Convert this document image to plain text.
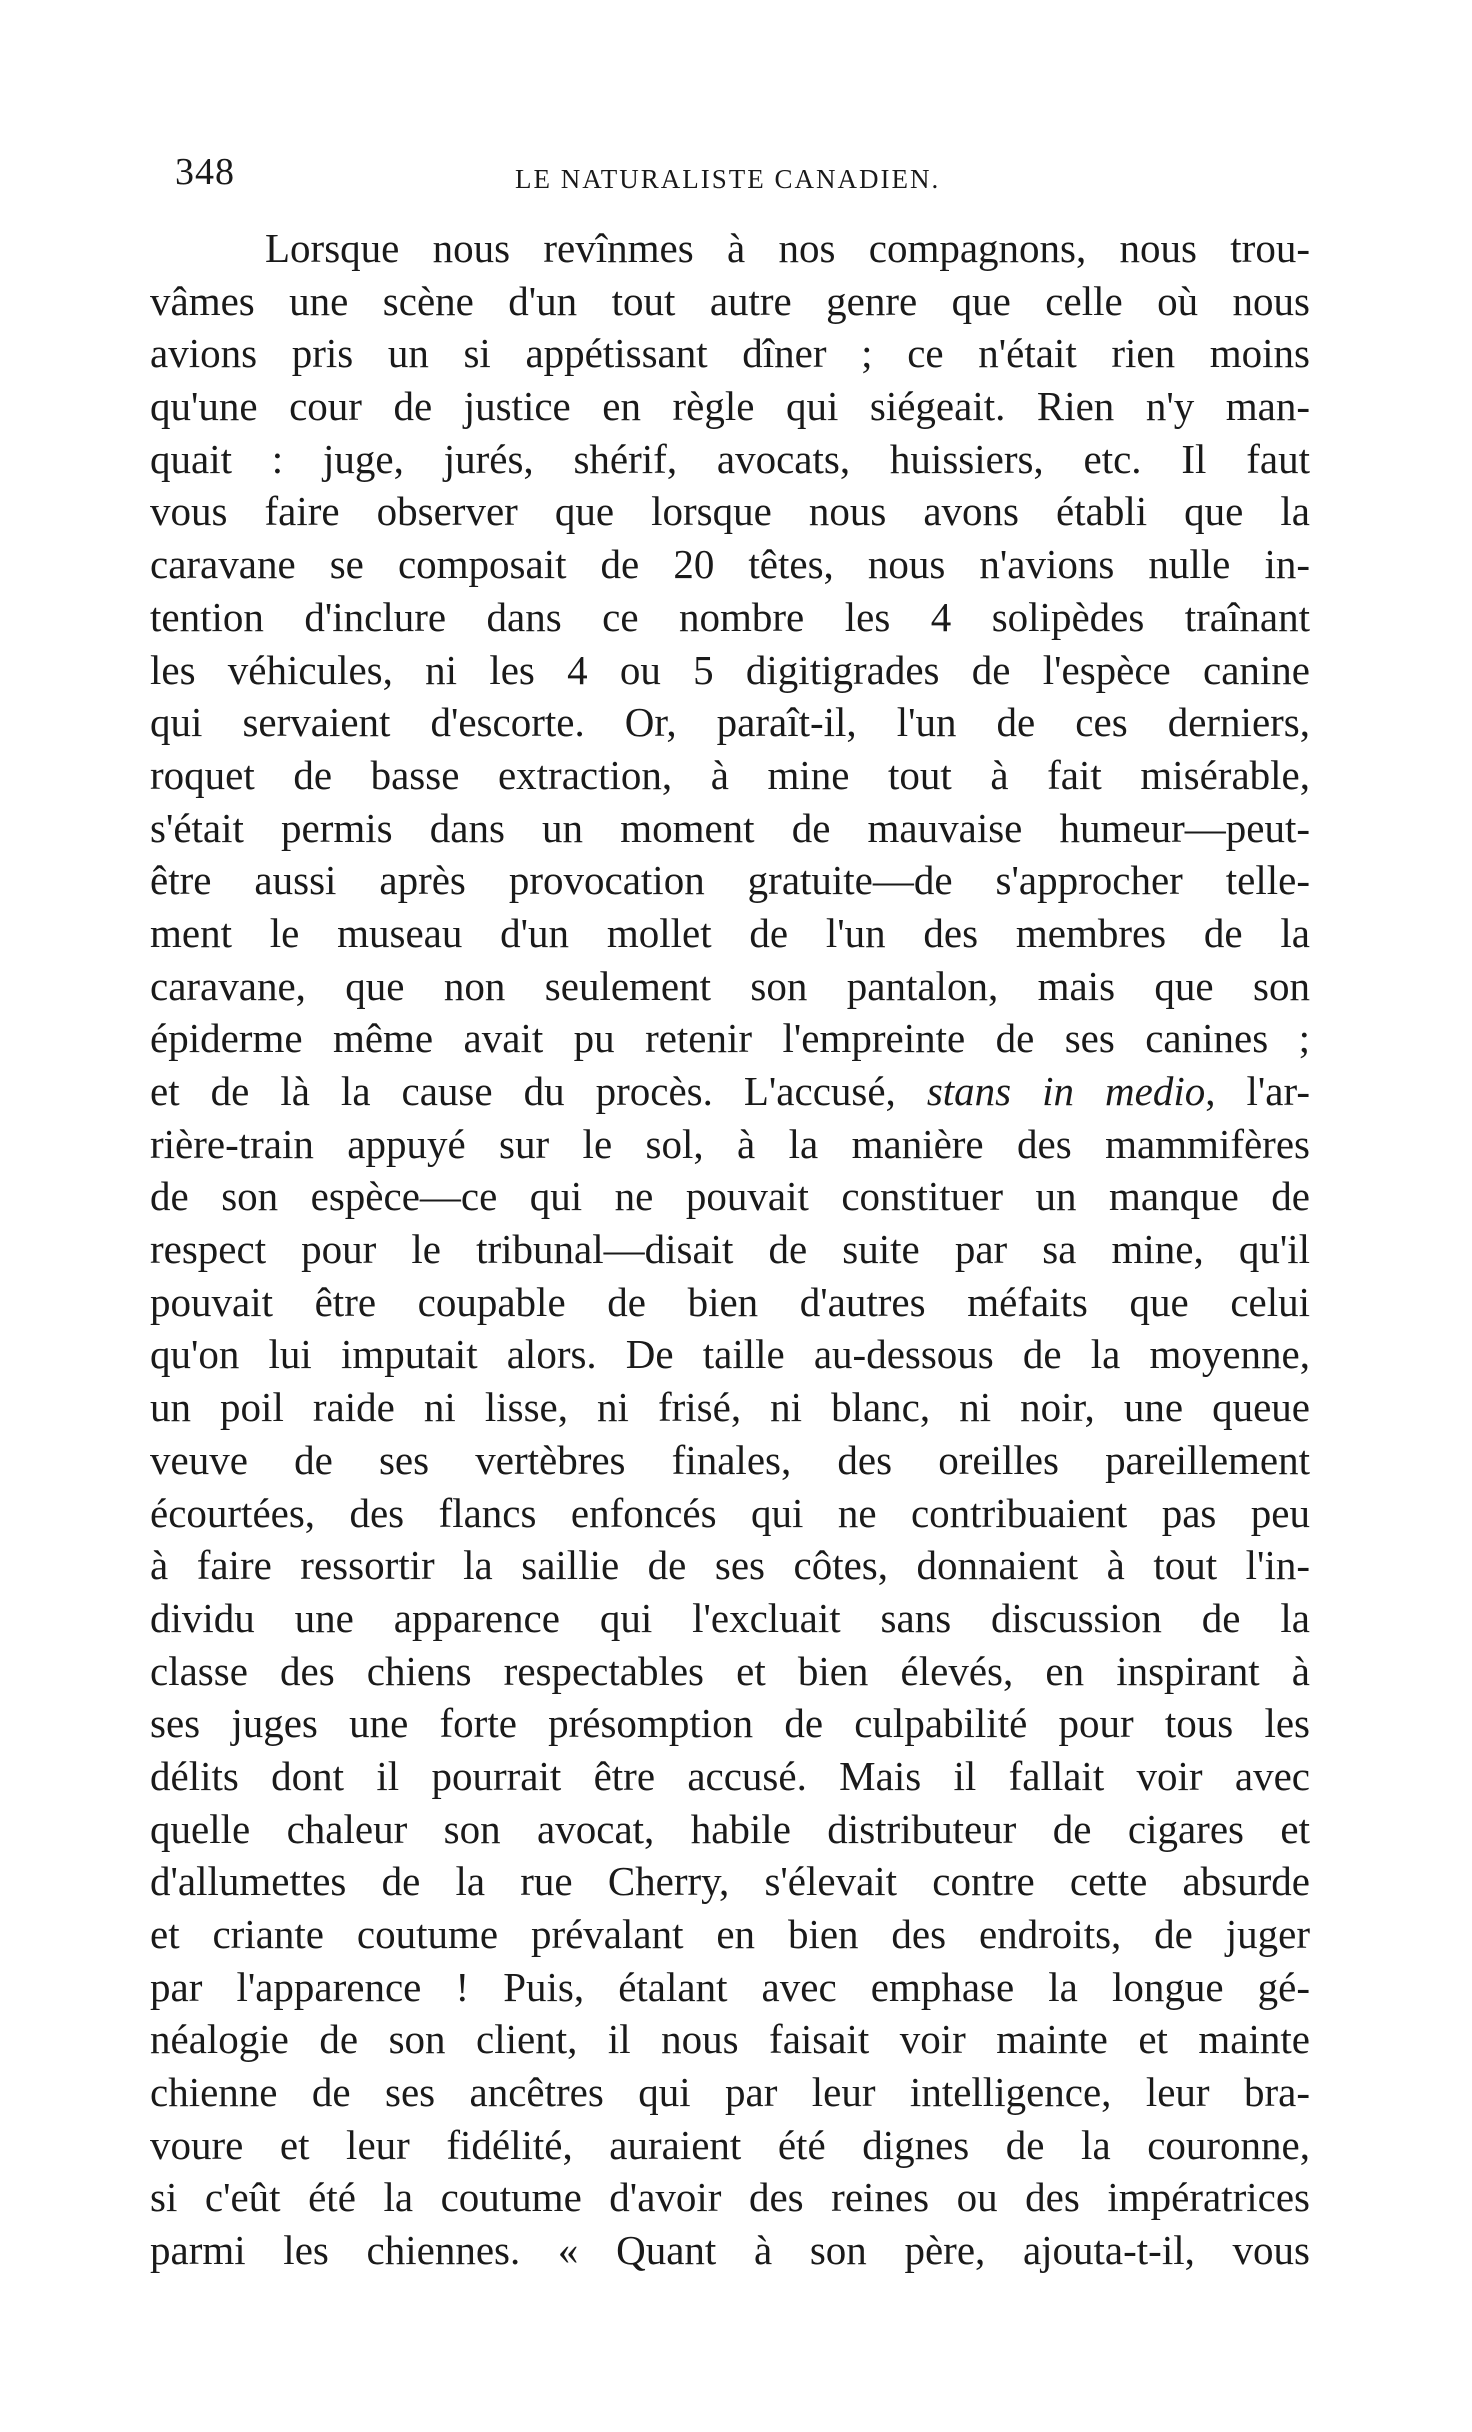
348	LE NATURALISTE CANADIEN.
Lorsque nous revînmes à nos compagnons, nous trou-
vâmes une scène d'un tout autre genre que celle où nous
avions pris un si appétissant dîner ; ce n'était rien moins
qu'une cour de justice en règle qui siégeait. Rien n'y man-
quait : juge, jurés, shérif, avocats, huissiers, etc. Il faut
vous faire observer que lorsque nous avons établi que la
caravane se composait de 20 têtes, nous n'avions nulle in-
tention d'inclure dans ce nombre les 4 solipèdes traînant
les véhicules, ni les 4 ou 5 digitigrades de l'espèce canine
qui servaient d'escorte. Or, paraît-il, l'un de ces derniers,
roquet de basse extraction, à mine tout à fait misérable,
s'était permis dans un moment de mauvaise humeur—peut-
être aussi après provocation gratuite—de s'approcher telle-
ment le museau d'un mollet de l'un des membres de la
caravane, que non seulement son pantalon, mais que son
épiderme même avait pu retenir l'empreinte de ses canines ;
et de là la cause du procès. L'accusé, stans in medio, l'ar-
rière-train appuyé sur le sol, à la manière des mammifères
de son espèce—ce qui ne pouvait constituer un manque de
respect pour le tribunal—disait de suite par sa mine, qu'il
pouvait être coupable de bien d'autres méfaits que celui
qu'on lui imputait alors. De taille au-dessous de la moyenne,
un poil raide ni lisse, ni frisé, ni blanc, ni noir, une queue
veuve de ses vertèbres finales, des oreilles pareillement
écourtées, des flancs enfoncés qui ne contribuaient pas peu
à faire ressortir la saillie de ses côtes, donnaient à tout l'in-
dividu une apparence qui l'excluait sans discussion de la
classe des chiens respectables et bien élevés, en inspirant à
ses juges une forte présomption de culpabilité pour tous les
délits dont il pourrait être accusé. Mais il fallait voir avec
quelle chaleur son avocat, habile distributeur de cigares et
d'allumettes de la rue Cherry, s'élevait contre cette absurde
et criante coutume prévalant en bien des endroits, de juger
par l'apparence ! Puis, étalant avec emphase la longue gé-
néalogie de son client, il nous faisait voir mainte et mainte
chienne de ses ancêtres qui par leur intelligence, leur bra-
voure et leur fidélité, auraient été dignes de la couronne,
si c'eût été la coutume d'avoir des reines ou des impératrices
parmi les chiennes. « Quant à son père, ajouta-t-il, vous
